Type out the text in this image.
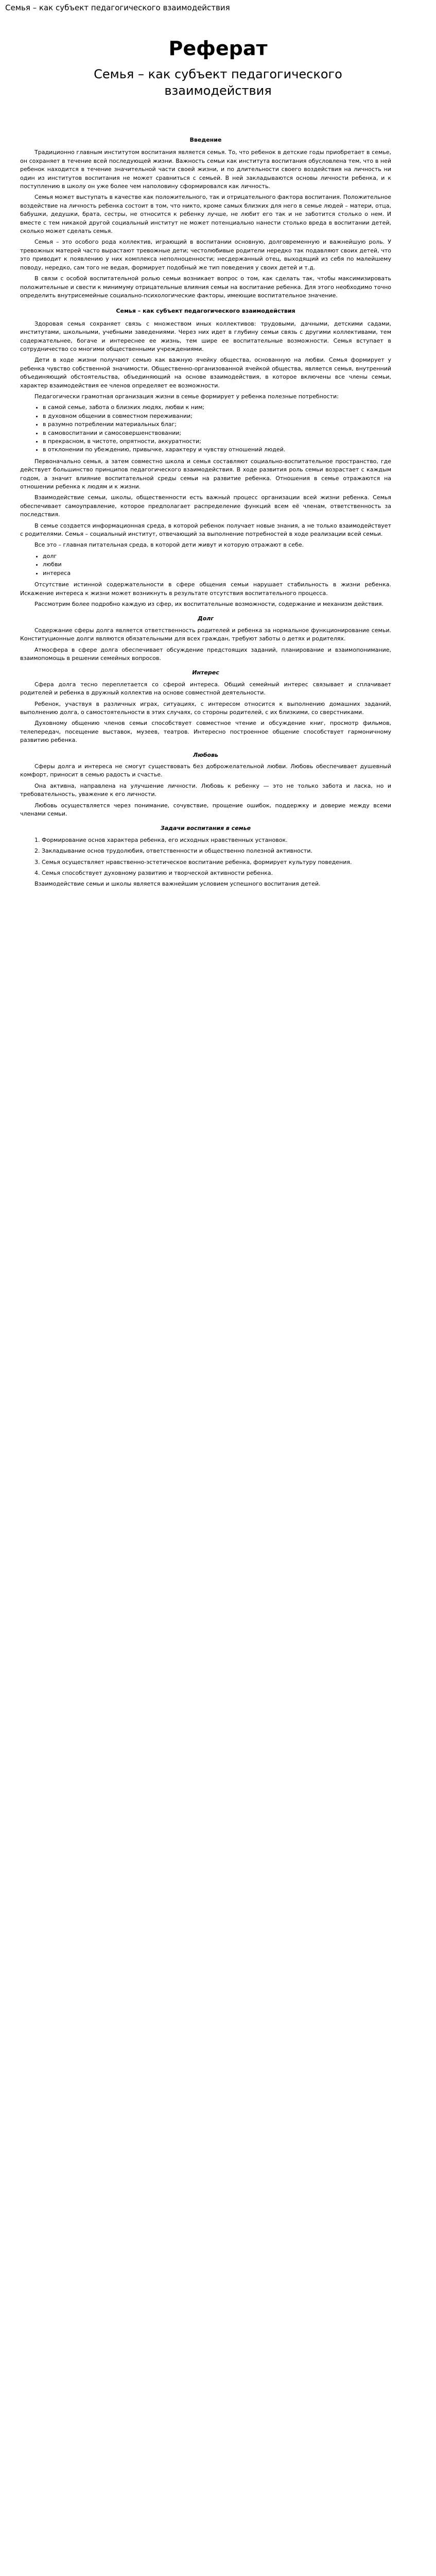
Семья – как субъект педагогического взаимодействия
Реферат
Семья – как субъект педагогического взаимодействия
Введение

Традиционно главным институтом воспитания является семья. То, что ребенок в детские годы приобретает в семье, он сохраняет в течение всей последующей жизни. Важность семьи как института воспитания обусловлена тем, что в ней ребенок находится в течение значительной части своей жизни, и по длительности своего воздействия на личность ни один из институтов воспитания не может сравниться с семьей. В ней закладываются основы личности ребенка, и к поступлению в школу он уже более чем наполовину сформировался как личность.

Семья может выступать в качестве как положительного, так и отрицательного фактора воспитания. Положительное воздействие на личность ребенка состоит в том, что никто, кроме самых близких для него в семье людей – матери, отца, бабушки, дедушки, брата, сестры, не относится к ребенку лучше, не любит его так и не заботится столько о нем. И вместе с тем никакой другой социальный институт не может потенциально нанести столько вреда в воспитании детей, сколько может сделать семья.

Семья – это особого рода коллектив, играющий в воспитании основную, долговременную и важнейшую роль. У тревожных матерей часто вырастают тревожные дети; честолюбивые родители нередко так подавляют своих детей, что это приводит к появлению у них комплекса неполноценности; несдержанный отец, выходящий из себя по малейшему поводу, нередко, сам того не ведая, формирует подобный же тип поведения у своих детей и т.д.

В связи с особой воспитательной ролью семьи возникает вопрос о том, как сделать так, чтобы максимизировать положительные и свести к минимуму отрицательные влияния семьи на воспитание ребенка. Для этого необходимо точно определить внутрисемейные социально-психологические факторы, имеющие воспитательное значение.

Семья – как субъект педагогического взаимодействия

Здоровая семья сохраняет связь с множеством иных коллективов: трудовыми, дачными, детскими садами, институтами, школьными, учебными заведениями. Через них идет в глубину семьи связь с другими коллективами, тем содержательнее, богаче и интереснее ее жизнь, тем шире ее воспитательные возможности. Семья вступает в сотрудничество со многими общественными учреждениями.

Дети в ходе жизни получают семью как важную ячейку общества, основанную на любви. Семья формирует у ребенка чувство собственной значимости. Общественно-организованной ячейкой общества, является семья, внутренний объединяющий обстоятельства, объединяющий на основе взаимодействия, в которое включены все члены семьи, характер взаимодействия ее членов определяет ее возможности.

Педагогически грамотная организация жизни в семье формирует у ребенка полезные потребности:

• в самой семье, забота о близких людях, любви к ним;
• в духовном общении в совместном переживании;
• в разумно потреблении материальных благ;
• в самовоспитании и самосовершенствовании;
• в прекрасном, в чистоте, опрятности, аккуратности;
• в отклонении по убеждению, привычке, характеру и чувству отношений людей.

Первоначально семья, а затем совместно школа и семья составляют социально-воспитательное пространство, где действует большинство принципов педагогического взаимодействия. В ходе развития роль семьи возрастает с каждым годом, а значит влияние воспитательной среды семьи на развитие ребенка. Отношения в семье отражаются на отношении ребенка к людям и к жизни.

Взаимодействие семьи, школы, общественности есть важный процесс организации всей жизни ребенка. Семья обеспечивает самоуправление, которое предполагает распределение функций всем её членам, ответственность за последствия.

В семье создается информационная среда, в которой ребенок получает новые знания, а не только взаимодействует с родителями. Семья – социальный институт, отвечающий за выполнение потребностей в ходе реализации всей семьи.

Все это – главная питательная среда, в которой дети живут и которую отражают в себе.

• долг
• любви
• интереса

Отсутствие истинной содержательности в сфере общения семьи нарушает стабильность в жизни ребенка. Искажение интереса к жизни может возникнуть в результате отсутствия воспитательного процесса.

Рассмотрим более подробно каждую из сфер, их воспитательные возможности, содержание и механизм действия.

Долг

Содержание сферы долга является ответственность родителей и ребенка за нормальное функционирование семьи. Конституционные долги являются обязательными для всех граждан, требуют заботы о детях и родителях.

Атмосфера в сфере долга обеспечивает обсуждение предстоящих заданий, планирование и взаимопонимание, взаимопомощь в решении семейных вопросов.

Интерес

Сфера долга тесно переплетается со сферой интереса. Общий семейный интерес связывает и сплачивает родителей и ребенка в дружный коллектив на основе совместной деятельности.

Ребенок, участвуя в различных играх, ситуациях, с интересом относится к выполнению домашних заданий, выполнению долга, о самостоятельности в этих случаях, со стороны родителей, с их близкими, со сверстниками.

Духовному общению членов семьи способствует совместное чтение и обсуждение книг, просмотр фильмов, телепередач, посещение выставок, музеев, театров. Интересно построенное общение способствует гармоничному развитию ребенка.

Любовь

Сферы долга и интереса не смогут существовать без доброжелательной любви. Любовь обеспечивает душевный комфорт, приносит в семью радость и счастье.

Она активна, направлена на улучшение личности. Любовь к ребенку — это не только забота и ласка, но и требовательность, уважение к его личности.

Любовь осуществляется через понимание, сочувствие, прощение ошибок, поддержку и доверие между всеми членами семьи.

Задачи воспитания в семье

1. Формирование основ характера ребенка, его исходных нравственных установок.

2. Закладывание основ трудолюбия, ответственности и общественно полезной активности.

3. Семья осуществляет нравственно-эстетическое воспитание ребенка, формирует культуру поведения.

4. Семья способствует духовному развитию и творческой активности ребенка.

Взаимодействие семьи и школы является важнейшим условием успешного воспитания детей.
